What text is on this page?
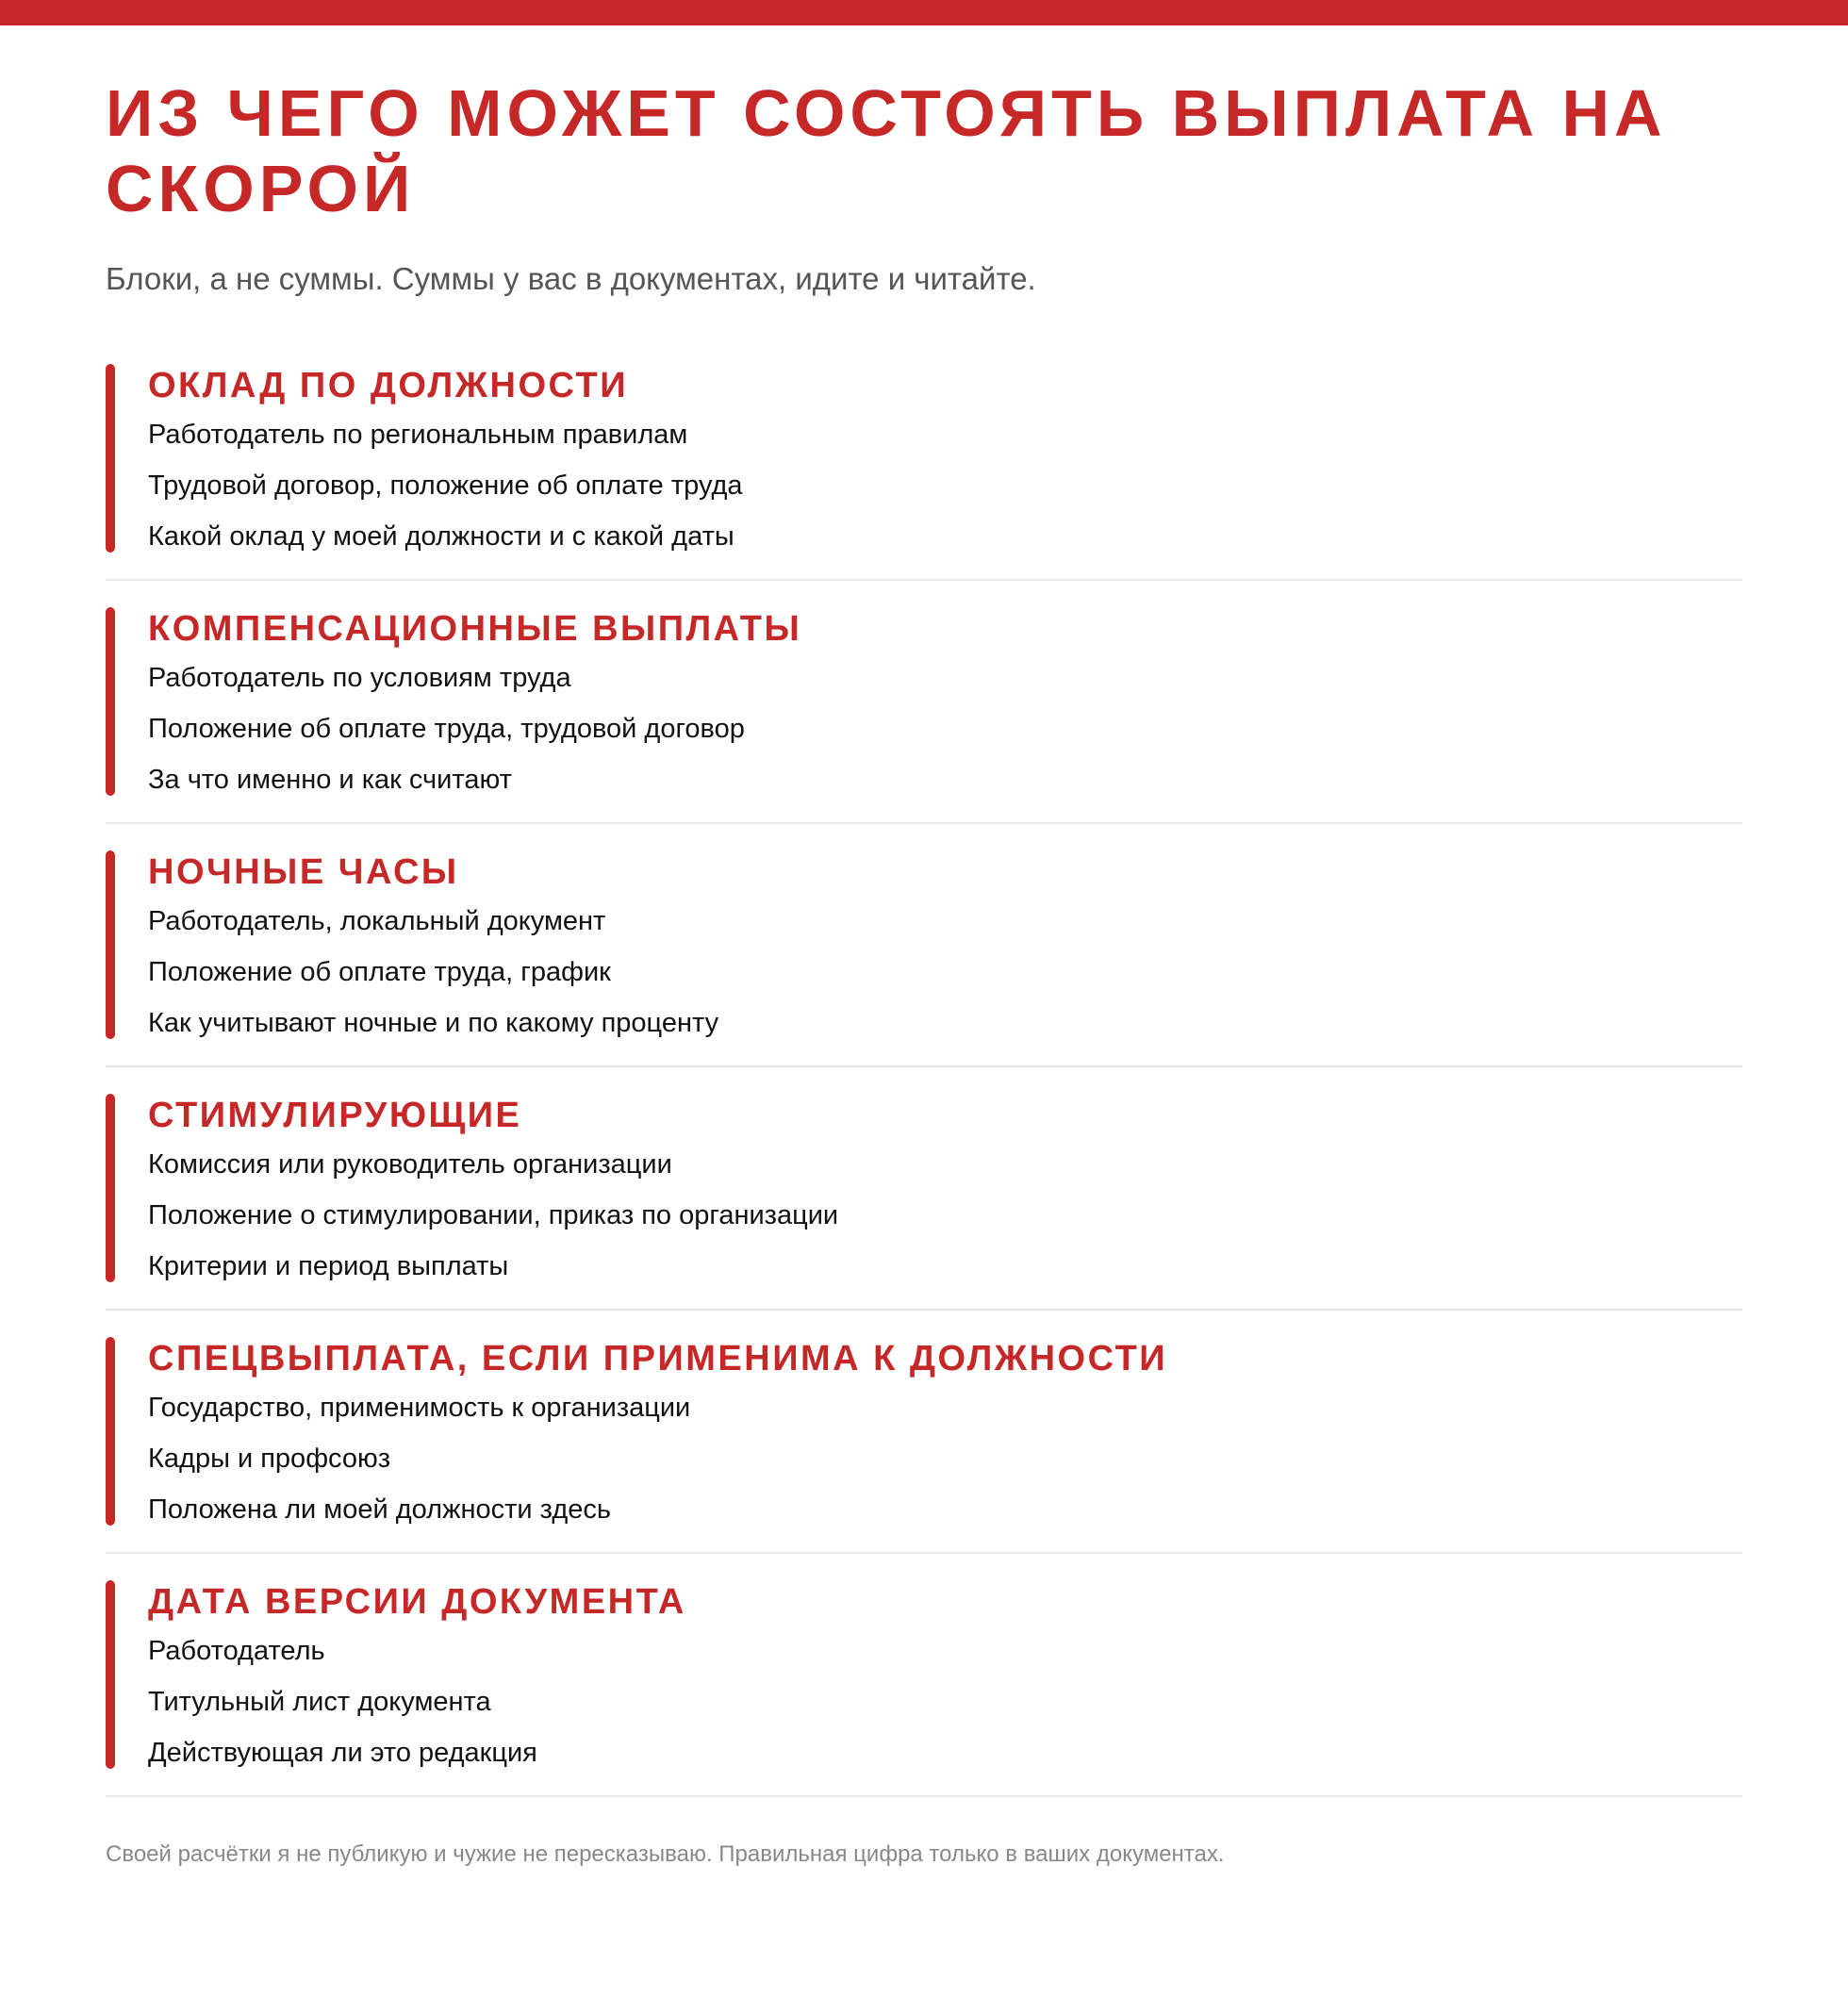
ИЗ ЧЕГО МОЖЕТ СОСТОЯТЬ ВЫПЛАТА НА СКОРОЙ

Блоки, а не суммы. Суммы у вас в документах, идите и читайте.

ОКЛАД ПО ДОЛЖНОСТИ

Работодатель по региональным правилам

Трудовой договор, положение об оплате труда

Какой оклад у моей должности и с какой даты

КОМПЕНСАЦИОННЫЕ ВЫПЛАТЫ

Работодатель по условиям труда

Положение об оплате труда, трудовой договор

За что именно и как считают

НОЧНЫЕ ЧАСЫ

Работодатель, локальный документ

Положение об оплате труда, график

Как учитывают ночные и по какому проценту

СТИМУЛИРУЮЩИЕ

Комиссия или руководитель организации

Положение о стимулировании, приказ по организации

Критерии и период выплаты

СПЕЦВЫПЛАТА, ЕСЛИ ПРИМЕНИМА К ДОЛЖНОСТИ

Государство, применимость к организации

Кадры и профсоюз

Положена ли моей должности здесь

ДАТА ВЕРСИИ ДОКУМЕНТА

Работодатель

Титульный лист документа

Действующая ли это редакция

Своей расчётки я не публикую и чужие не пересказываю. Правильная цифра только в ваших документах.
